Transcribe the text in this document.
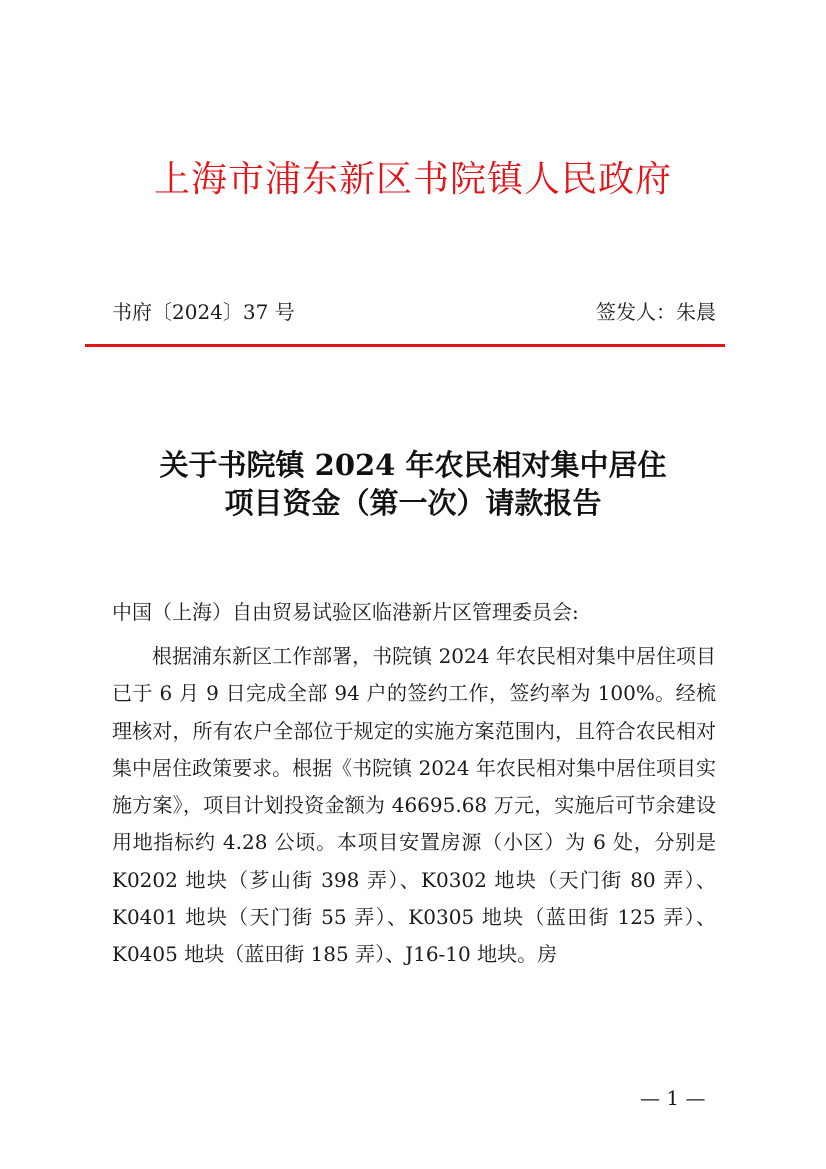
上海市浦东新区书院镇人民政府
书府〔2024〕37 号	签发人：朱晨
关于书院镇 2024 年农民相对集中居住
项目资金（第一次）请款报告
中国（上海）自由贸易试验区临港新片区管理委员会:

根据浦东新区工作部署，书院镇 2024 年农民相对集中居住项目已于 6 月 9 日完成全部 94 户的签约工作，签约率为 100%。经梳理核对，所有农户全部位于规定的实施方案范围内，且符合农民相对集中居住政策要求。根据《书院镇 2024 年农民相对集中居住项目实施方案》，项目计划投资金额为 46695.68 万元，实施后可节余建设用地指标约 4.28 公顷。本项目安置房源（小区）为 6 处，分别是 K0202 地块（芗山街 398 弄）、K0302 地块（天门街 80 弄）、K0401 地块（天门街 55 弄）、K0305 地块（蓝田街 125 弄）、K0405 地块（蓝田街 185 弄）、J16-10 地块。房

— 1 —
